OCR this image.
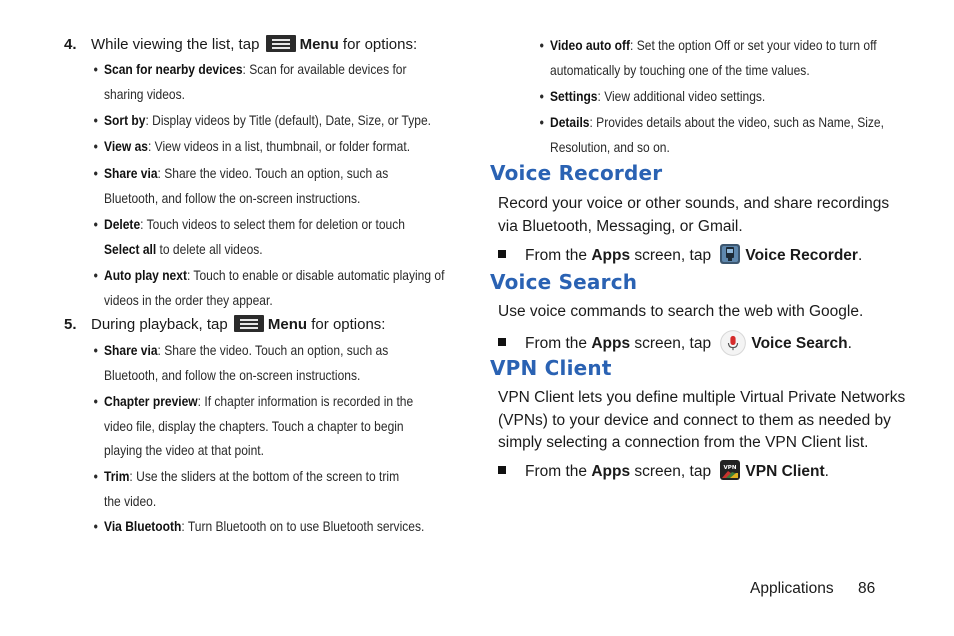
4. While viewing the list, tap	Menu for options:
• Scan for nearby devices: Scan for available devices for
sharing videos.
• Sort by: Display videos by Title (default), Date, Size, or Type.
• View as: View videos in a list, thumbnail, or folder format.
• Share via: Share the video. Touch an option, such as
Bluetooth, and follow the on-screen instructions.
• Delete: Touch videos to select them for deletion or touch
Select all to delete all videos.
• Auto play next: Touch to enable or disable automatic playing of
videos in the order they appear.
5. During playback, tap	Menu for options:
• Share via: Share the video. Touch an option, such as
Bluetooth, and follow the on-screen instructions.
• Chapter preview: If chapter information is recorded in the
video file, display the chapters. Touch a chapter to begin
playing the video at that point.
• Trim: Use the sliders at the bottom of the screen to trim
the video.
• Via Bluetooth: Turn Bluetooth on to use Bluetooth services.
• Video auto off: Set the option Off or set your video to turn off
automatically by touching one of the time values.
• Settings: View additional video settings.
• Details: Provides details about the video, such as Name, Size,
Resolution, and so on.
Voice Recorder
Record your voice or other sounds, and share recordings via Bluetooth, Messaging, or Gmail.
From the Apps screen, tap Voice Recorder.
Voice Search
Use voice commands to search the web with Google.
From the Apps screen, tap	Voice Search.
VPN Client
VPN Client lets you define multiple Virtual Private Networks (VPNs) to your device and connect to them as needed by simply selecting a connection from the VPN Client list.
From the Apps screen, tap VPN VPN Client.
Applications 86
